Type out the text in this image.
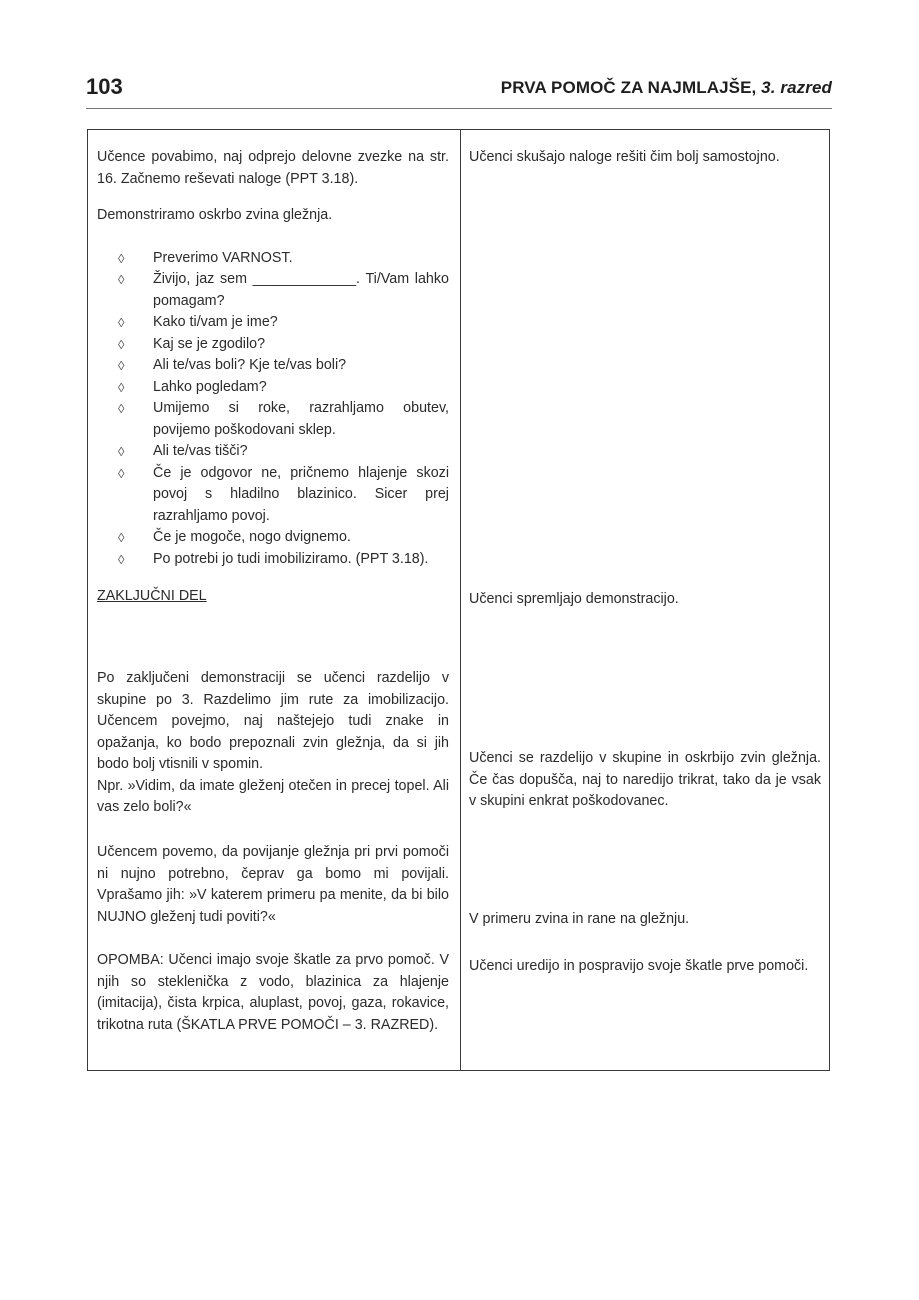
103	PRVA POMOČ ZA NAJMLAJŠE, 3. razred

Učence povabimo, naj odprejo delovne zvezke na str. 16. Začnemo reševati naloge (PPT 3.18).

Demonstriramo oskrbo zvina gležnja.

◊ Preverimo VARNOST.
◊ Živijo, jaz sem _____________. Ti/Vam lahko pomagam?
◊ Kako ti/vam je ime?
◊ Kaj se je zgodilo?
◊ Ali te/vas boli? Kje te/vas boli?
◊ Lahko pogledam?
◊ Umijemo si roke, razrahljamo obutev, povijemo poškodovani sklep.
◊ Ali te/vas tišči?
◊ Če je odgovor ne, pričnemo hlajenje skozi povoj s hladilno blazinico. Sicer prej razrahljamo povoj.
◊ Če je mogoče, nogo dvignemo.
◊ Po potrebi jo tudi imobiliziramo. (PPT 3.18).

ZAKLJUČNI DEL

Po zaključeni demonstraciji se učenci razdelijo v skupine po 3. Razdelimo jim rute za imobilizacijo. Učencem povejmo, naj naštejejo tudi znake in opažanja, ko bodo prepoznali zvin gležnja, da si jih bodo bolj vtisnili v spomin.

Npr. »Vidim, da imate gleženj otečen in precej topel. Ali vas zelo boli?«

Učencem povemo, da povijanje gležnja pri prvi pomoči ni nujno potrebno, čeprav ga bomo mi povijali. Vprašamo jih: »V katerem primeru pa menite, da bi bilo NUJNO gleženj tudi poviti?«

OPOMBA: Učenci imajo svoje škatle za prvo pomoč. V njih so steklenička z vodo, blazinica za hlajenje (imitacija), čista krpica, aluplast, povoj, gaza, rokavice, trikotna ruta (ŠKATLA PRVE POMOČI – 3. RAZRED).

Učenci skušajo naloge rešiti čim bolj samostojno.

Učenci spremljajo demonstracijo.

Učenci se razdelijo v skupine in oskrbijo zvin gležnja. Če čas dopušča, naj to naredijo trikrat, tako da je vsak v skupini enkrat poškodovanec.

V primeru zvina in rane na gležnju.

Učenci uredijo in pospravijo svoje škatle prve pomoči.
